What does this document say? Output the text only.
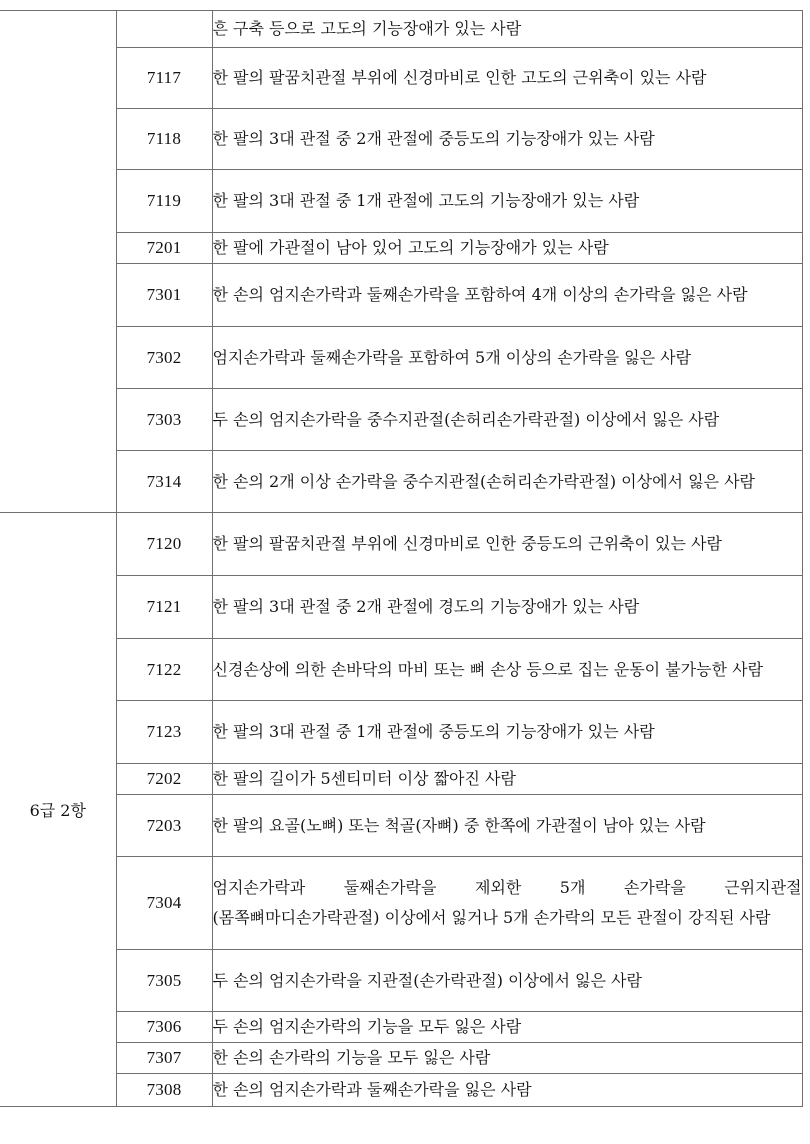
		흔 구축 등으로 고도의 기능장애가 있는 사람

	7117	한 팔의 팔꿈치관절 부위에 신경마비로 인한 고도의 근위축이 있는 사람

	7118	한 팔의 3대 관절 중 2개 관절에 중등도의 기능장애가 있는 사람

	7119	한 팔의 3대 관절 중 1개 관절에 고도의 기능장애가 있는 사람

	7201	한 팔에 가관절이 남아 있어 고도의 기능장애가 있는 사람

	7301	한 손의 엄지손가락과 둘째손가락을 포함하여 4개 이상의 손가락을 잃은 사람

	7302	엄지손가락과 둘째손가락을 포함하여 5개 이상의 손가락을 잃은 사람

	7303	두 손의 엄지손가락을 중수지관절(손허리손가락관절) 이상에서 잃은 사람

	7314	한 손의 2개 이상 손가락을 중수지관절(손허리손가락관절) 이상에서 잃은 사람

6급 2항	7120	한 팔의 팔꿈치관절 부위에 신경마비로 인한 중등도의 근위축이 있는 사람

	7121	한 팔의 3대 관절 중 2개 관절에 경도의 기능장애가 있는 사람

	7122	신경손상에 의한 손바닥의 마비 또는 뼈 손상 등으로 집는 운동이 불가능한 사람

	7123	한 팔의 3대 관절 중 1개 관절에 중등도의 기능장애가 있는 사람

	7202	한 팔의 길이가 5센티미터 이상 짧아진 사람

	7203	한 팔의 요골(노뼈) 또는 척골(자뼈) 중 한쪽에 가관절이 남아 있는 사람

	7304	엄지손가락과 둘째손가락을 제외한 5개 손가락을 근위지관절(몸쪽뼈마디손가락관절) 이상에서 잃거나 5개 손가락의 모든 관절이 강직된 사람

	7305	두 손의 엄지손가락을 지관절(손가락관절) 이상에서 잃은 사람

	7306	두 손의 엄지손가락의 기능을 모두 잃은 사람

	7307	한 손의 손가락의 기능을 모두 잃은 사람

	7308	한 손의 엄지손가락과 둘째손가락을 잃은 사람
